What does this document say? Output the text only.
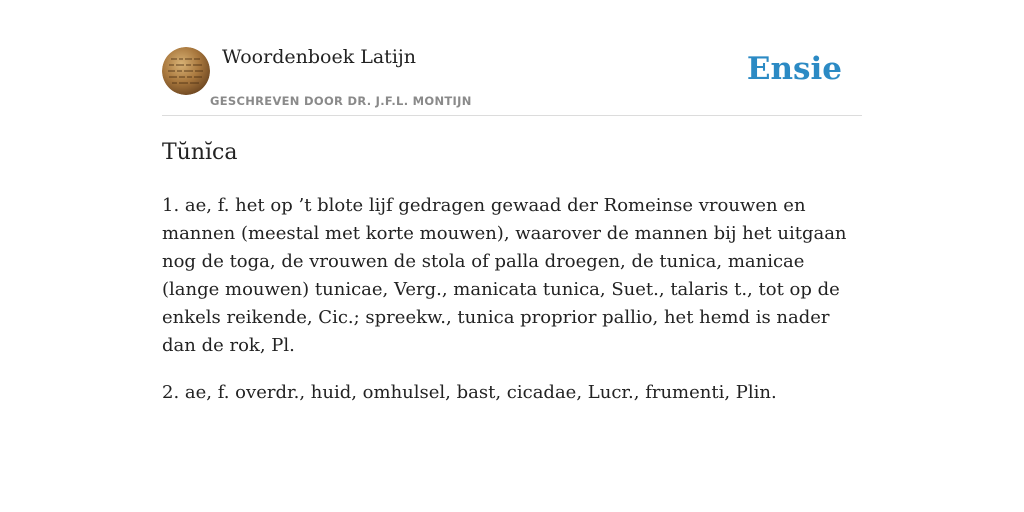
Woordenboek Latijn
GESCHREVEN DOOR DR. J.F.L. MONTIJN
Ensie
Tŭnĭca

1. ae, f. het op ’t blote lijf gedragen gewaad der Romeinse vrouwen en mannen (meestal met korte mouwen), waarover de mannen bij het uitgaan nog de toga, de vrouwen de stola of palla droegen, de tunica, manicae (lange mouwen) tunicae, Verg., manicata tunica, Suet., talaris t., tot op de enkels reikende, Cic.; spreekw., tunica proprior pallio, het hemd is nader dan de rok, Pl.

2. ae, f. overdr., huid, omhulsel, bast, cicadae, Lucr., frumenti, Plin.
